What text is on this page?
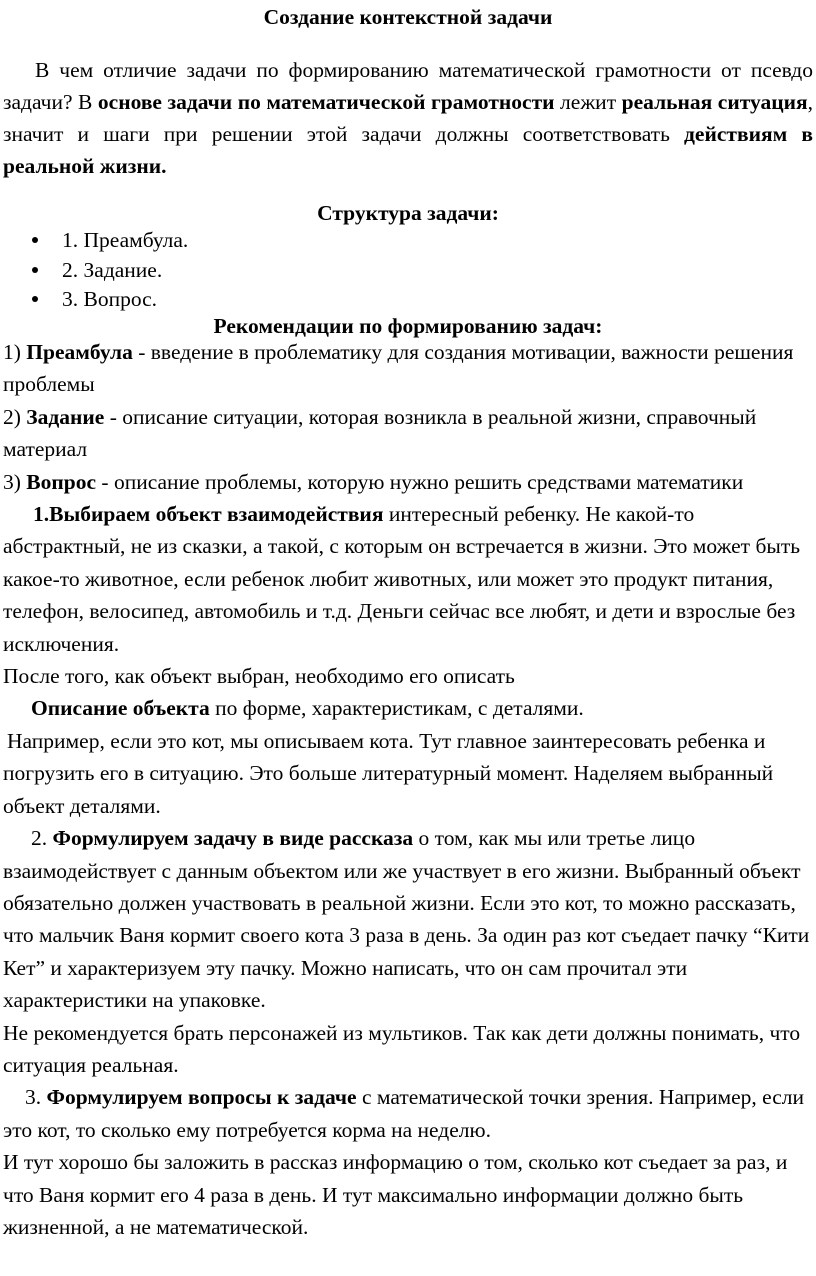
Создание контекстной задачи
В чем отличие задачи по формированию математической грамотности от псевдо задачи? В основе задачи по математической грамотности лежит реальная ситуация, значит и шаги при решении этой задачи должны соответствовать действиям в реальной жизни.
Структура задачи:
1. Преамбула.
2. Задание.
3. Вопрос.
Рекомендации по формированию задач:

1) Преамбула - введение в проблематику для создания мотивации, важности решения проблемы

2) Задание - описание ситуации, которая возникла в реальной жизни, справочный материал

3) Вопрос - описание проблемы, которую нужно решить средствами математики

1.Выбираем объект взаимодействия интересный ребенку. Не какой-то абстрактный, не из сказки, а такой, с которым он встречается в жизни. Это может быть какое-то животное, если ребенок любит животных, или может это продукт питания, телефон, велосипед, автомобиль и т.д. Деньги сейчас все любят, и дети и взрослые без исключения.

После того, как объект выбран, необходимо его описать

Описание объекта по форме, характеристикам, с деталями.

Например, если это кот, мы описываем кота. Тут главное заинтересовать ребенка и погрузить его в ситуацию. Это больше литературный момент. Наделяем выбранный объект деталями.

2. Формулируем задачу в виде рассказа о том, как мы или третье лицо взаимодействует с данным объектом или же участвует в его жизни. Выбранный объект обязательно должен участвовать в реальной жизни. Если это кот, то можно рассказать, что мальчик Ваня кормит своего кота 3 раза в день. За один раз кот съедает пачку “Кити Кет” и характеризуем эту пачку. Можно написать, что он сам прочитал эти характеристики на упаковке.

Не рекомендуется брать персонажей из мультиков. Так как дети должны понимать, что ситуация реальная.

3. Формулируем вопросы к задаче с математической точки зрения. Например, если это кот, то сколько ему потребуется корма на неделю.

И тут хорошо бы заложить в рассказ информацию о том, сколько кот съедает за раз, и что Ваня кормит его 4 раза в день. И тут максимально информации должно быть жизненной, а не математической.
